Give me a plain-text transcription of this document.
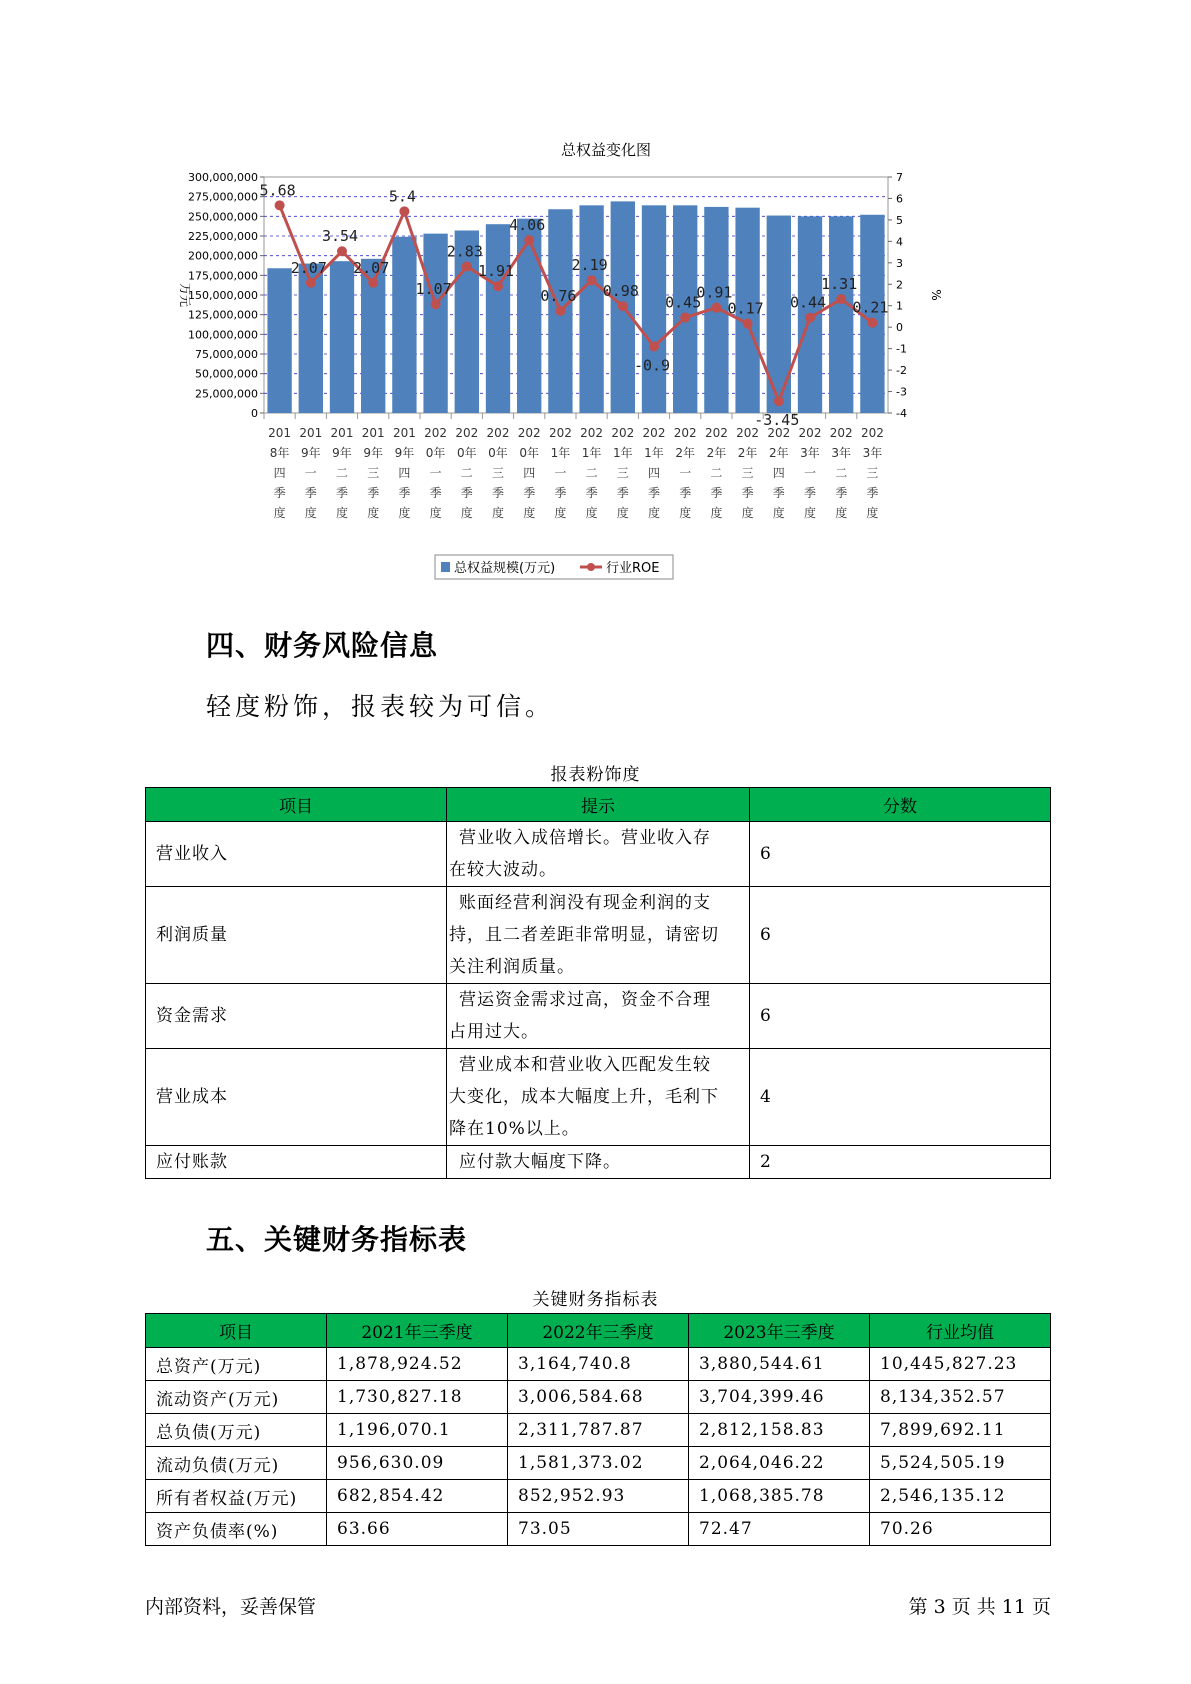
总权益变化图
0
25,000,000
50,000,000
75,000,000
100,000,000
125,000,000
150,000,000
175,000,000
200,000,000
225,000,000
250,000,000
275,000,000
300,000,000
-4
-3
-2
-1
0
1
2
3
4
5
6
7
万元	%
201
8年
四
季
度
201
9年
一
季
度
201
9年
二
季
度
201
9年
三
季
度
201
9年
四
季
度
202
0年
一
季
度
202
0年
二
季
度
202
0年
三
季
度
202
0年
四
季
度
202
1年
一
季
度
202
1年
二
季
度
202
1年
三
季
度
202
1年
四
季
度
202
2年
一
季
度
202
2年
二
季
度
202
2年
三
季
度
202
2年
四
季
度
202
3年
一
季
度
202
3年
二
季
度
202
3年
三
季
度
5.68
2.07
3.54
2.07
5.4
1.07
2.83
1.91
4.06
0.76
2.19
0.98
-0.9
0.45
0.91
0.17
-3.45
0.44
1.31
0.21
总权益规模(万元)	行业ROE
四、财务风险信息
轻度粉饰，报表较为可信。
报表粉饰度
项目	提示	分数
营业收入	营业收入成倍增长。营业收入存
在较大波动。	6
利润质量	账面经营利润没有现金利润的支
持，且二者差距非常明显，请密切
关注利润质量。	6
资金需求	营运资金需求过高，资金不合理
占用过大。	6
营业成本	营业成本和营业收入匹配发生较
大变化，成本大幅度上升，毛利下
降在10%以上。	4
应付账款	应付款大幅度下降。	2
五、关键财务指标表
关键财务指标表
项目	2021年三季度	2022年三季度	2023年三季度	行业均值
总资产(万元)	1,878,924.52	3,164,740.8	3,880,544.61	10,445,827.23
流动资产(万元)	1,730,827.18	3,006,584.68	3,704,399.46	8,134,352.57
总负债(万元)	1,196,070.1	2,311,787.87	2,812,158.83	7,899,692.11
流动负债(万元)	956,630.09	1,581,373.02	2,064,046.22	5,524,505.19
所有者权益(万元)	682,854.42	852,952.93	1,068,385.78	2,546,135.12
资产负债率(%)	63.66	73.05	72.47	70.26
内部资料，妥善保管	第 3 页 共 11 页
